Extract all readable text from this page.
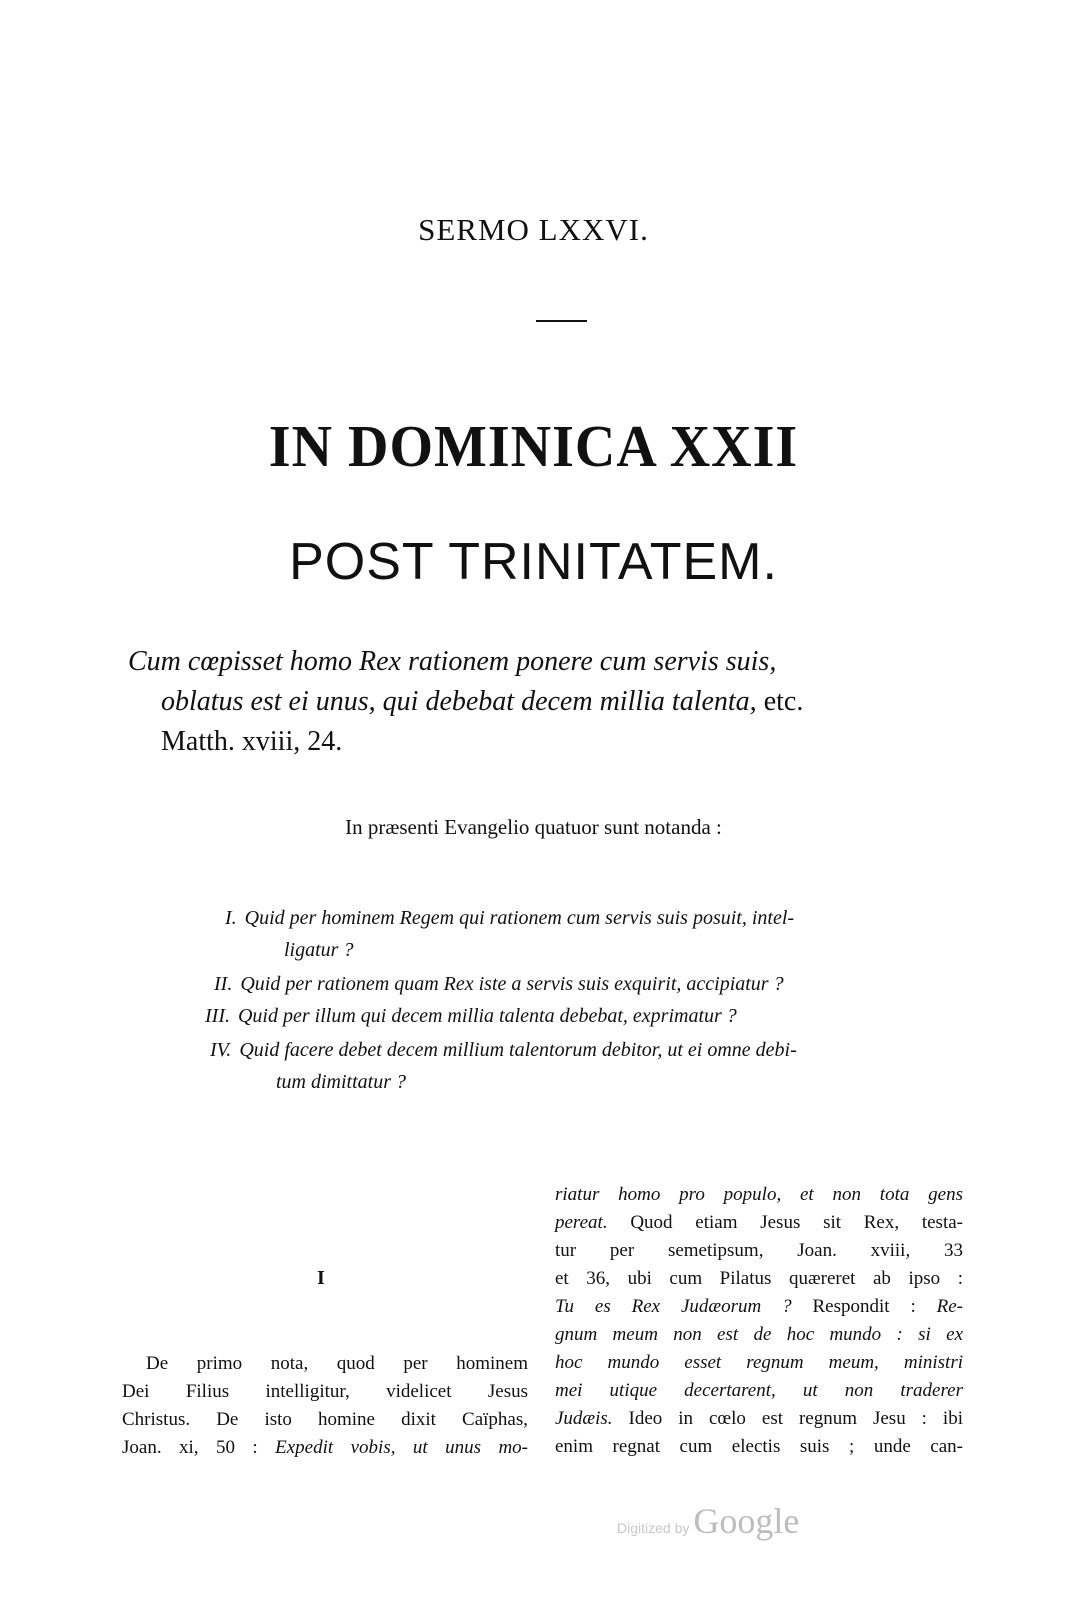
SERMO LXXVI.
IN DOMINICA XXII
POST TRINITATEM.
Cum cœpisset homo Rex rationem ponere cum servis suis,
oblatus est ei unus, qui debebat decem millia talenta, etc.
Matth. xviii, 24.
In præsenti Evangelio quatuor sunt notanda :
I. Quid per hominem Regem qui rationem cum servis suis posuit, intel-
ligatur ?
II. Quid per rationem quam Rex iste a servis suis exquirit, accipiatur ?
III. Quid per illum qui decem millia talenta debebat, exprimatur ?
IV. Quid facere debet decem millium talentorum debitor, ut ei omne debi-
tum dimittatur ?
I
De primo nota, quod per hominem
Dei Filius intelligitur, videlicet Jesus
Christus. De isto homine dixit Caïphas,
Joan. xi, 50 : Expedit vobis, ut unus mo-
riatur homo pro populo, et non tota gens
pereat. Quod etiam Jesus sit Rex, testa-
tur per semetipsum, Joan. xviii, 33
et 36, ubi cum Pilatus quæreret ab ipso :
Tu es Rex Judæorum ? Respondit : Re-
gnum meum non est de hoc mundo : si ex
hoc mundo esset regnum meum, ministri
mei utique decertarent, ut non traderer
Judæis. Ideo in cœlo est regnum Jesu : ibi
enim regnat cum electis suis ; unde can-
Digitized by Google
